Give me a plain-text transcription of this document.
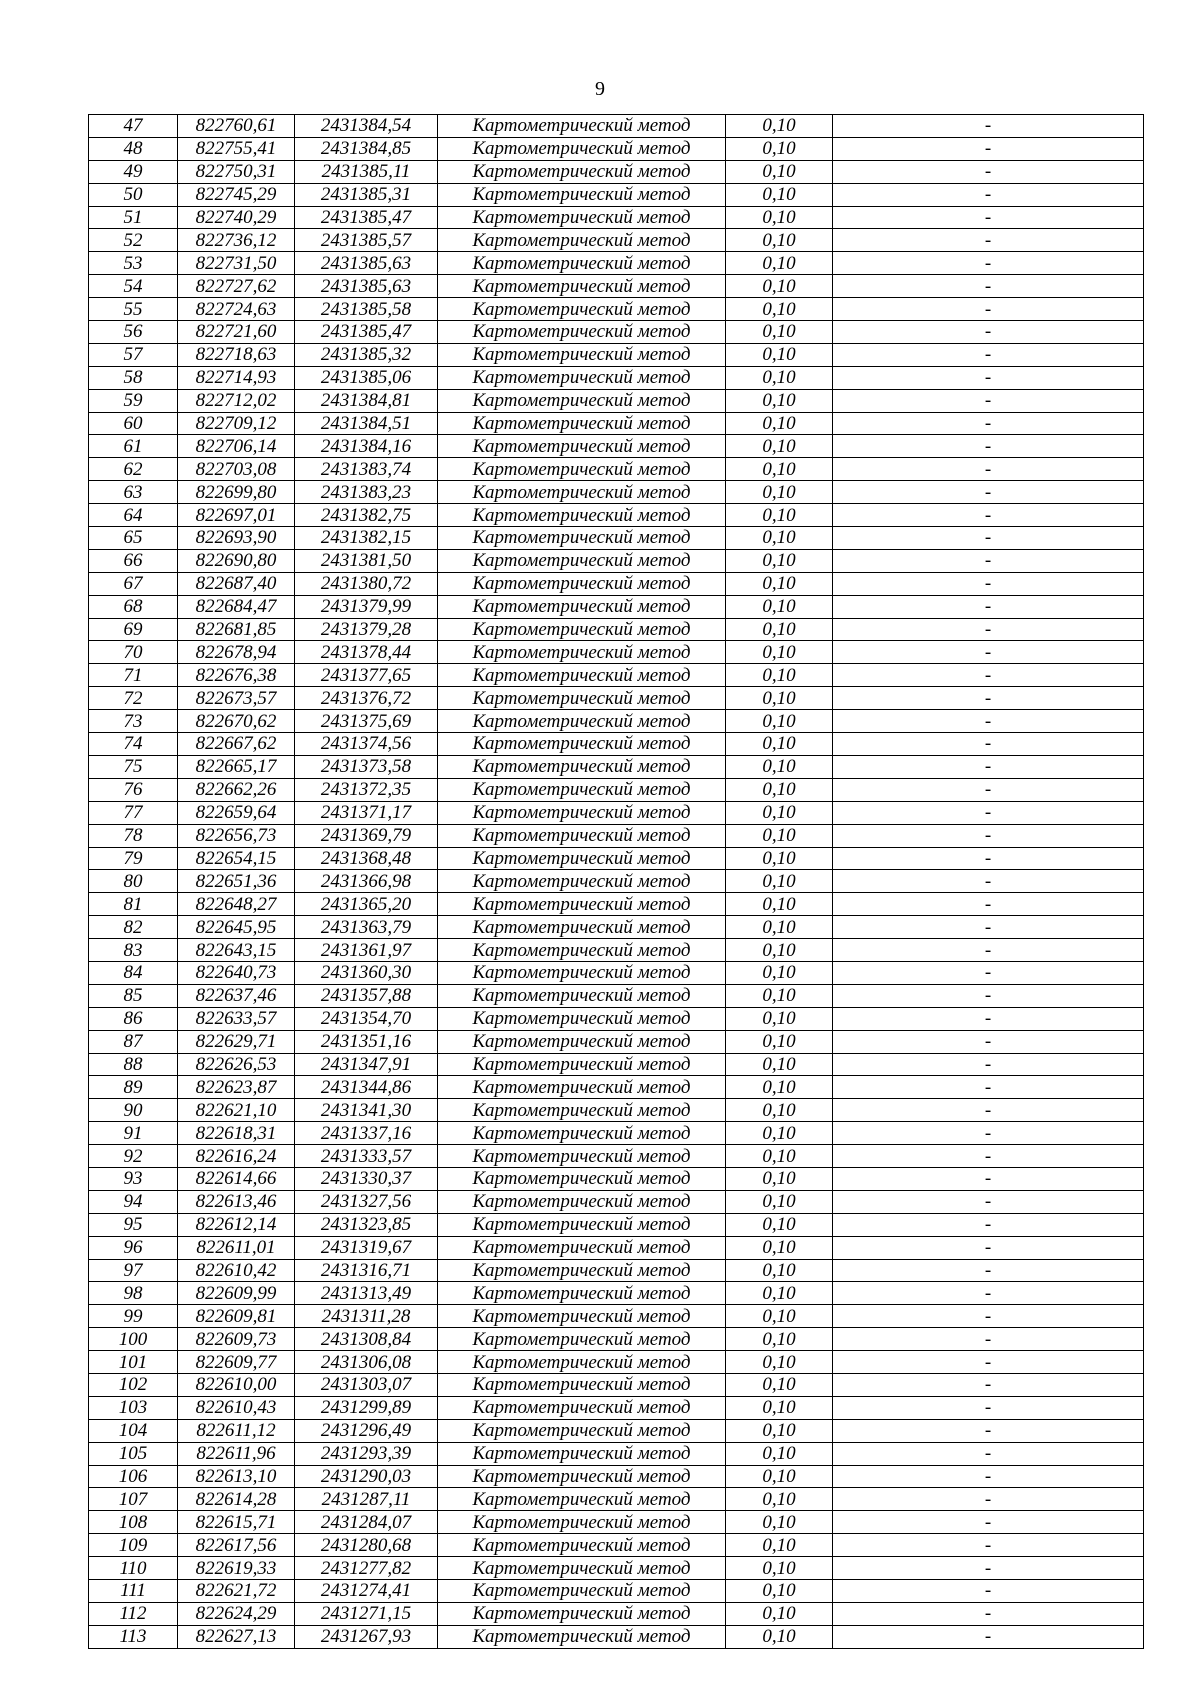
9
47	822760,61	2431384,54	Картометрический метод	0,10	-
48	822755,41	2431384,85	Картометрический метод	0,10	-
49	822750,31	2431385,11	Картометрический метод	0,10	-
50	822745,29	2431385,31	Картометрический метод	0,10	-
51	822740,29	2431385,47	Картометрический метод	0,10	-
52	822736,12	2431385,57	Картометрический метод	0,10	-
53	822731,50	2431385,63	Картометрический метод	0,10	-
54	822727,62	2431385,63	Картометрический метод	0,10	-
55	822724,63	2431385,58	Картометрический метод	0,10	-
56	822721,60	2431385,47	Картометрический метод	0,10	-
57	822718,63	2431385,32	Картометрический метод	0,10	-
58	822714,93	2431385,06	Картометрический метод	0,10	-
59	822712,02	2431384,81	Картометрический метод	0,10	-
60	822709,12	2431384,51	Картометрический метод	0,10	-
61	822706,14	2431384,16	Картометрический метод	0,10	-
62	822703,08	2431383,74	Картометрический метод	0,10	-
63	822699,80	2431383,23	Картометрический метод	0,10	-
64	822697,01	2431382,75	Картометрический метод	0,10	-
65	822693,90	2431382,15	Картометрический метод	0,10	-
66	822690,80	2431381,50	Картометрический метод	0,10	-
67	822687,40	2431380,72	Картометрический метод	0,10	-
68	822684,47	2431379,99	Картометрический метод	0,10	-
69	822681,85	2431379,28	Картометрический метод	0,10	-
70	822678,94	2431378,44	Картометрический метод	0,10	-
71	822676,38	2431377,65	Картометрический метод	0,10	-
72	822673,57	2431376,72	Картометрический метод	0,10	-
73	822670,62	2431375,69	Картометрический метод	0,10	-
74	822667,62	2431374,56	Картометрический метод	0,10	-
75	822665,17	2431373,58	Картометрический метод	0,10	-
76	822662,26	2431372,35	Картометрический метод	0,10	-
77	822659,64	2431371,17	Картометрический метод	0,10	-
78	822656,73	2431369,79	Картометрический метод	0,10	-
79	822654,15	2431368,48	Картометрический метод	0,10	-
80	822651,36	2431366,98	Картометрический метод	0,10	-
81	822648,27	2431365,20	Картометрический метод	0,10	-
82	822645,95	2431363,79	Картометрический метод	0,10	-
83	822643,15	2431361,97	Картометрический метод	0,10	-
84	822640,73	2431360,30	Картометрический метод	0,10	-
85	822637,46	2431357,88	Картометрический метод	0,10	-
86	822633,57	2431354,70	Картометрический метод	0,10	-
87	822629,71	2431351,16	Картометрический метод	0,10	-
88	822626,53	2431347,91	Картометрический метод	0,10	-
89	822623,87	2431344,86	Картометрический метод	0,10	-
90	822621,10	2431341,30	Картометрический метод	0,10	-
91	822618,31	2431337,16	Картометрический метод	0,10	-
92	822616,24	2431333,57	Картометрический метод	0,10	-
93	822614,66	2431330,37	Картометрический метод	0,10	-
94	822613,46	2431327,56	Картометрический метод	0,10	-
95	822612,14	2431323,85	Картометрический метод	0,10	-
96	822611,01	2431319,67	Картометрический метод	0,10	-
97	822610,42	2431316,71	Картометрический метод	0,10	-
98	822609,99	2431313,49	Картометрический метод	0,10	-
99	822609,81	2431311,28	Картометрический метод	0,10	-
100	822609,73	2431308,84	Картометрический метод	0,10	-
101	822609,77	2431306,08	Картометрический метод	0,10	-
102	822610,00	2431303,07	Картометрический метод	0,10	-
103	822610,43	2431299,89	Картометрический метод	0,10	-
104	822611,12	2431296,49	Картометрический метод	0,10	-
105	822611,96	2431293,39	Картометрический метод	0,10	-
106	822613,10	2431290,03	Картометрический метод	0,10	-
107	822614,28	2431287,11	Картометрический метод	0,10	-
108	822615,71	2431284,07	Картометрический метод	0,10	-
109	822617,56	2431280,68	Картометрический метод	0,10	-
110	822619,33	2431277,82	Картометрический метод	0,10	-
111	822621,72	2431274,41	Картометрический метод	0,10	-
112	822624,29	2431271,15	Картометрический метод	0,10	-
113	822627,13	2431267,93	Картометрический метод	0,10	-
